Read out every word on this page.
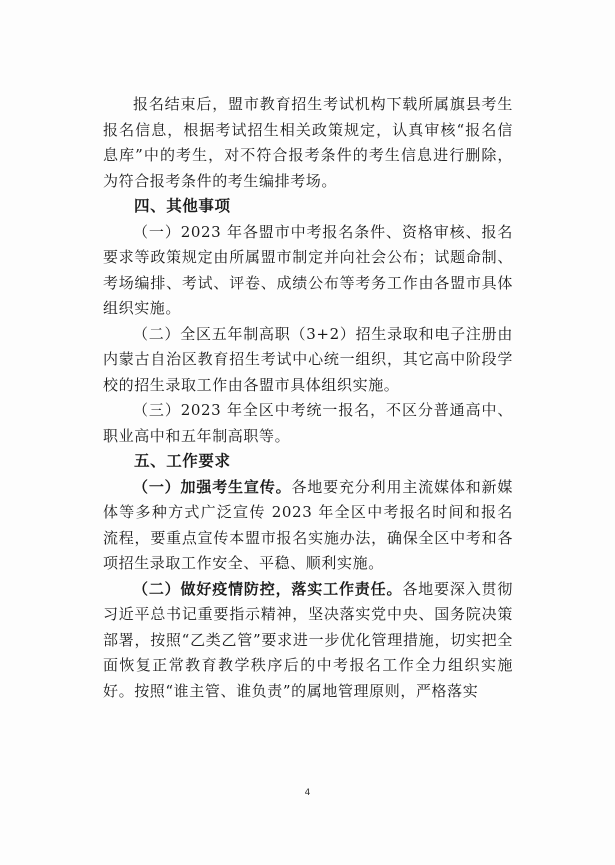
报名结束后，盟市教育招生考试机构下载所属旗县考生报名信息，根据考试招生相关政策规定，认真审核“报名信息库”中的考生，对不符合报考条件的考生信息进行删除，为符合报考条件的考生编排考场。

四、其他事项

（一）2023 年各盟市中考报名条件、资格审核、报名要求等政策规定由所属盟市制定并向社会公布；试题命制、考场编排、考试、评卷、成绩公布等考务工作由各盟市具体组织实施。

（二）全区五年制高职（3+2）招生录取和电子注册由内蒙古自治区教育招生考试中心统一组织，其它高中阶段学校的招生录取工作由各盟市具体组织实施。

（三）2023 年全区中考统一报名，不区分普通高中、职业高中和五年制高职等。

五、工作要求

（一）加强考生宣传。各地要充分利用主流媒体和新媒体等多种方式广泛宣传 2023 年全区中考报名时间和报名流程，要重点宣传本盟市报名实施办法，确保全区中考和各项招生录取工作安全、平稳、顺利实施。

（二）做好疫情防控，落实工作责任。各地要深入贯彻习近平总书记重要指示精神，坚决落实党中央、国务院决策部署，按照“乙类乙管”要求进一步优化管理措施，切实把全面恢复正常教育教学秩序后的中考报名工作全力组织实施好。按照“谁主管、谁负责”的属地管理原则，严格落实

4
